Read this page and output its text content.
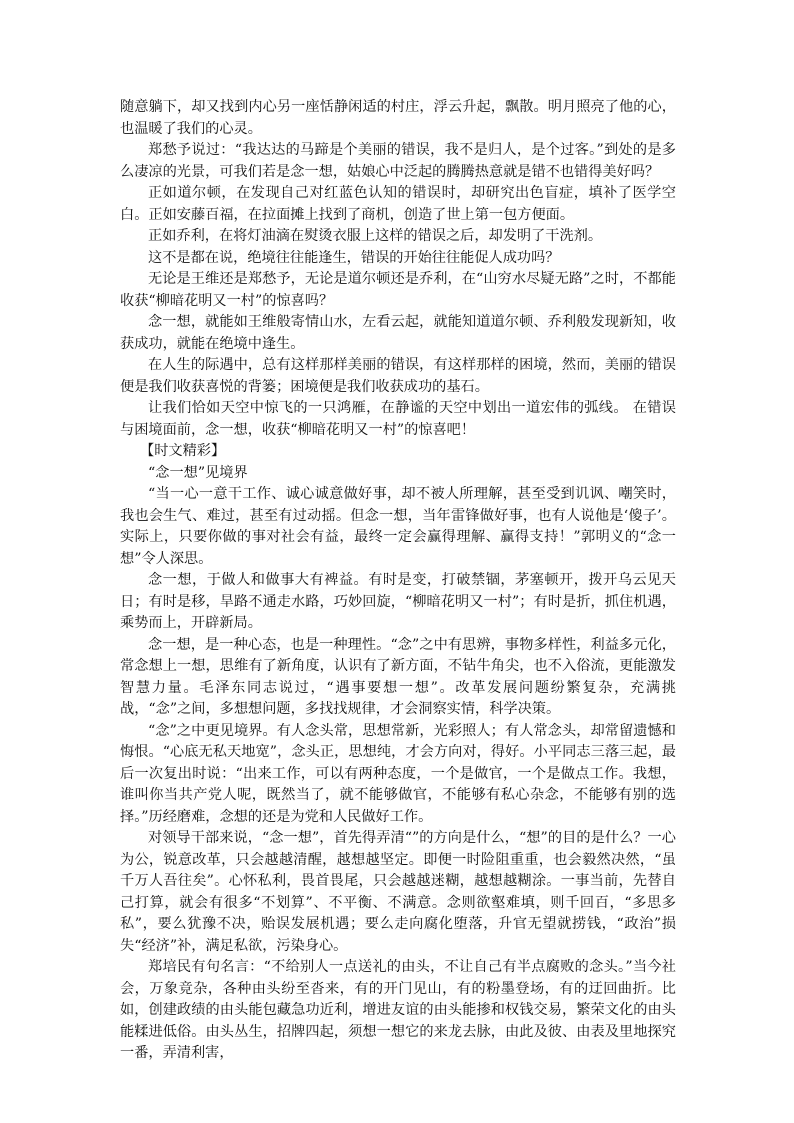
随意躺下，却又找到内心另一座恬静闲适的村庄，浮云升起，飘散。明月照亮了他的心，也温暖了我们的心灵。

郑愁予说过：“我达达的马蹄是个美丽的错误，我不是归人，是个过客。”到处的是多么凄凉的光景，可我们若是念一想，姑娘心中泛起的腾腾热意就是错不也错得美好吗？

正如道尔顿，在发现自己对红蓝色认知的错误时，却研究出色盲症，填补了医学空白。正如安藤百福，在拉面摊上找到了商机，创造了世上第一包方便面。

正如乔利，在将灯油滴在熨烫衣服上这样的错误之后，却发明了干洗剂。

这不是都在说，绝境往往能逢生，错误的开始往往能促人成功吗？

无论是王维还是郑愁予，无论是道尔顿还是乔利，在“山穷水尽疑无路”之时，不都能收获“柳暗花明又一村”的惊喜吗？

念一想，就能如王维般寄情山水，左看云起，就能知道道尔顿、乔利般发现新知，收获成功，就能在绝境中逢生。

在人生的际遇中，总有这样那样美丽的错误，有这样那样的困境，然而，美丽的错误便是我们收获喜悦的背篓；困境便是我们收获成功的基石。

让我们恰如天空中惊飞的一只鸿雁，在静谧的天空中划出一道宏伟的弧线。 在错误与困境面前，念一想，收获“柳暗花明又一村”的惊喜吧！

【时文精彩】

“念一想”见境界

“当一心一意干工作、诚心诚意做好事，却不被人所理解，甚至受到讥讽、嘲笑时，我也会生气、难过，甚至有过动摇。但念一想，当年雷锋做好事，也有人说他是‘傻子’。实际上，只要你做的事对社会有益，最终一定会赢得理解、赢得支持！”郭明义的“念一想”令人深思。

念一想，于做人和做事大有裨益。有时是变，打破禁锢，茅塞顿开，拨开乌云见天日；有时是移，旱路不通走水路，巧妙回旋，“柳暗花明又一村”；有时是折，抓住机遇，乘势而上，开辟新局。

念一想，是一种心态，也是一种理性。“念”之中有思辨，事物多样性，利益多元化，常念想上一想，思维有了新角度，认识有了新方面，不钻牛角尖，也不入俗流，更能激发智慧力量。毛泽东同志说过，“遇事要想一想”。改革发展问题纷繁复杂，充满挑战，“念”之间，多想想问题，多找找规律，才会洞察实情，科学决策。

“念”之中更见境界。有人念头常，思想常新，光彩照人；有人常念头，却常留遗憾和悔恨。“心底无私天地宽”，念头正，思想纯，才会方向对，得好。小平同志三落三起，最后一次复出时说：“出来工作，可以有两种态度，一个是做官，一个是做点工作。我想，谁叫你当共产党人呢，既然当了，就不能够做官，不能够有私心杂念，不能够有别的选择。”历经磨难，念想的还是为党和人民做好工作。

对领导干部来说，“念一想”，首先得弄清“”的方向是什么，“想”的目的是什么？一心为公，锐意改革，只会越越清醒，越想越坚定。即便一时险阻重重，也会毅然决然，“虽千万人吾往矣”。心怀私利，畏首畏尾，只会越越迷糊，越想越糊涂。一事当前，先替自己打算，就会有很多“不划算”、不平衡、不满意。念则欲壑难填，则千回百，“多思多私”，要么犹豫不决，贻误发展机遇；要么走向腐化堕落，升官无望就捞钱，“政治”损失“经济”补，满足私欲，污染身心。

郑培民有句名言：“不给别人一点送礼的由头，不让自己有半点腐败的念头。”当今社会，万象竞杂，各种由头纷至沓来，有的开门见山，有的粉墨登场，有的迂回曲折。比如，创建政绩的由头能包藏急功近利，增进友谊的由头能掺和权钱交易，繁荣文化的由头能糅进低俗。由头丛生，招牌四起，须想一想它的来龙去脉，由此及彼、由表及里地探究一番，弄清利害，
